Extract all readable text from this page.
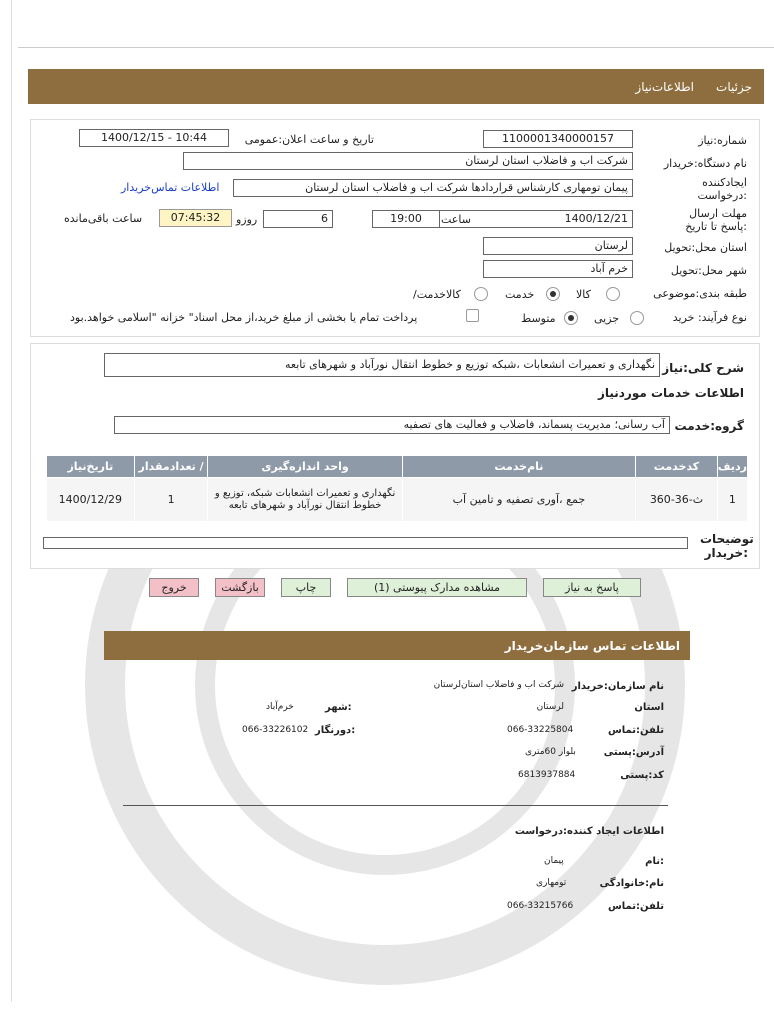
جزئیات
اطلاعات‌نیاز
شماره:نیاز
1100001340000157
تاریخ و ساعت اعلان:عمومی
1400/12/15 - 10:44
نام دستگاه:خریدار
شرکت اب و فاضلاب استان لرستان
ایجادکننده درخواست:
پیمان تومهاری کارشناس قراردادها شرکت اب و فاضلاب استان لرستان
اطلاعات تماس‌خریدار
مهلت ارسال :پاسخ تا تاریخ
1400/12/21
ساعت
19:00
6
روزو
07:45:32
ساعت باقی‌مانده
استان محل:تحویل
لرستان
شهر محل:تحویل
خرم آباد
طبقه بندی:موضوعی
کالا
خدمت
/کالاخدمت
نوع فرآیند: خرید
جزیی
متوسط
پرداخت تمام یا بخشی از مبلغ خرید،از محل اسناد" خزانه "اسلامی خواهد.بود
شرح کلی:نیاز
نگهداری و تعمیرات انشعابات ،شبکه توزیع و خطوط انتقال نورآباد و شهرهای تابعه
اطلاعات خدمات موردنیاز
گروه:خدمت
آب رسانی؛ مدیریت پسماند، فاضلاب و فعالیت های تصفیه
ردیف	کدخدمت	نام‌خدمت	واحد اندازه‌گیری	/ تعدادمقدار	تاریخ‌نیاز
1	ث-36-360	جمع ،آوری تصفیه و تامین آب	نگهداری و تعمیرات انشعابات شبکه، توزیع و خطوط انتقال نورآباد و شهرهای تابعه	1	1400/12/29
توضیحات :خریدار
پاسخ به نیاز
مشاهده مدارک پیوستی (1)
چاپ
بازگشت
خروج
اطلاعات تماس سازمان‌خریدار
نام سازمان:خریدار
شرکت اب و فاضلاب استان‌لرستان
استان
لرستان
شهر:
خرم‌آباد
تلفن:تماس
066-33225804
دورنگار:
066-33226102
آدرس:پستی
بلوار 60متری
کد:پستی
6813937884
اطلاعات ایجاد کننده:درخواست
نام:
پیمان
نام:خانوادگی
تومهاری
تلفن:تماس
066-33215766
